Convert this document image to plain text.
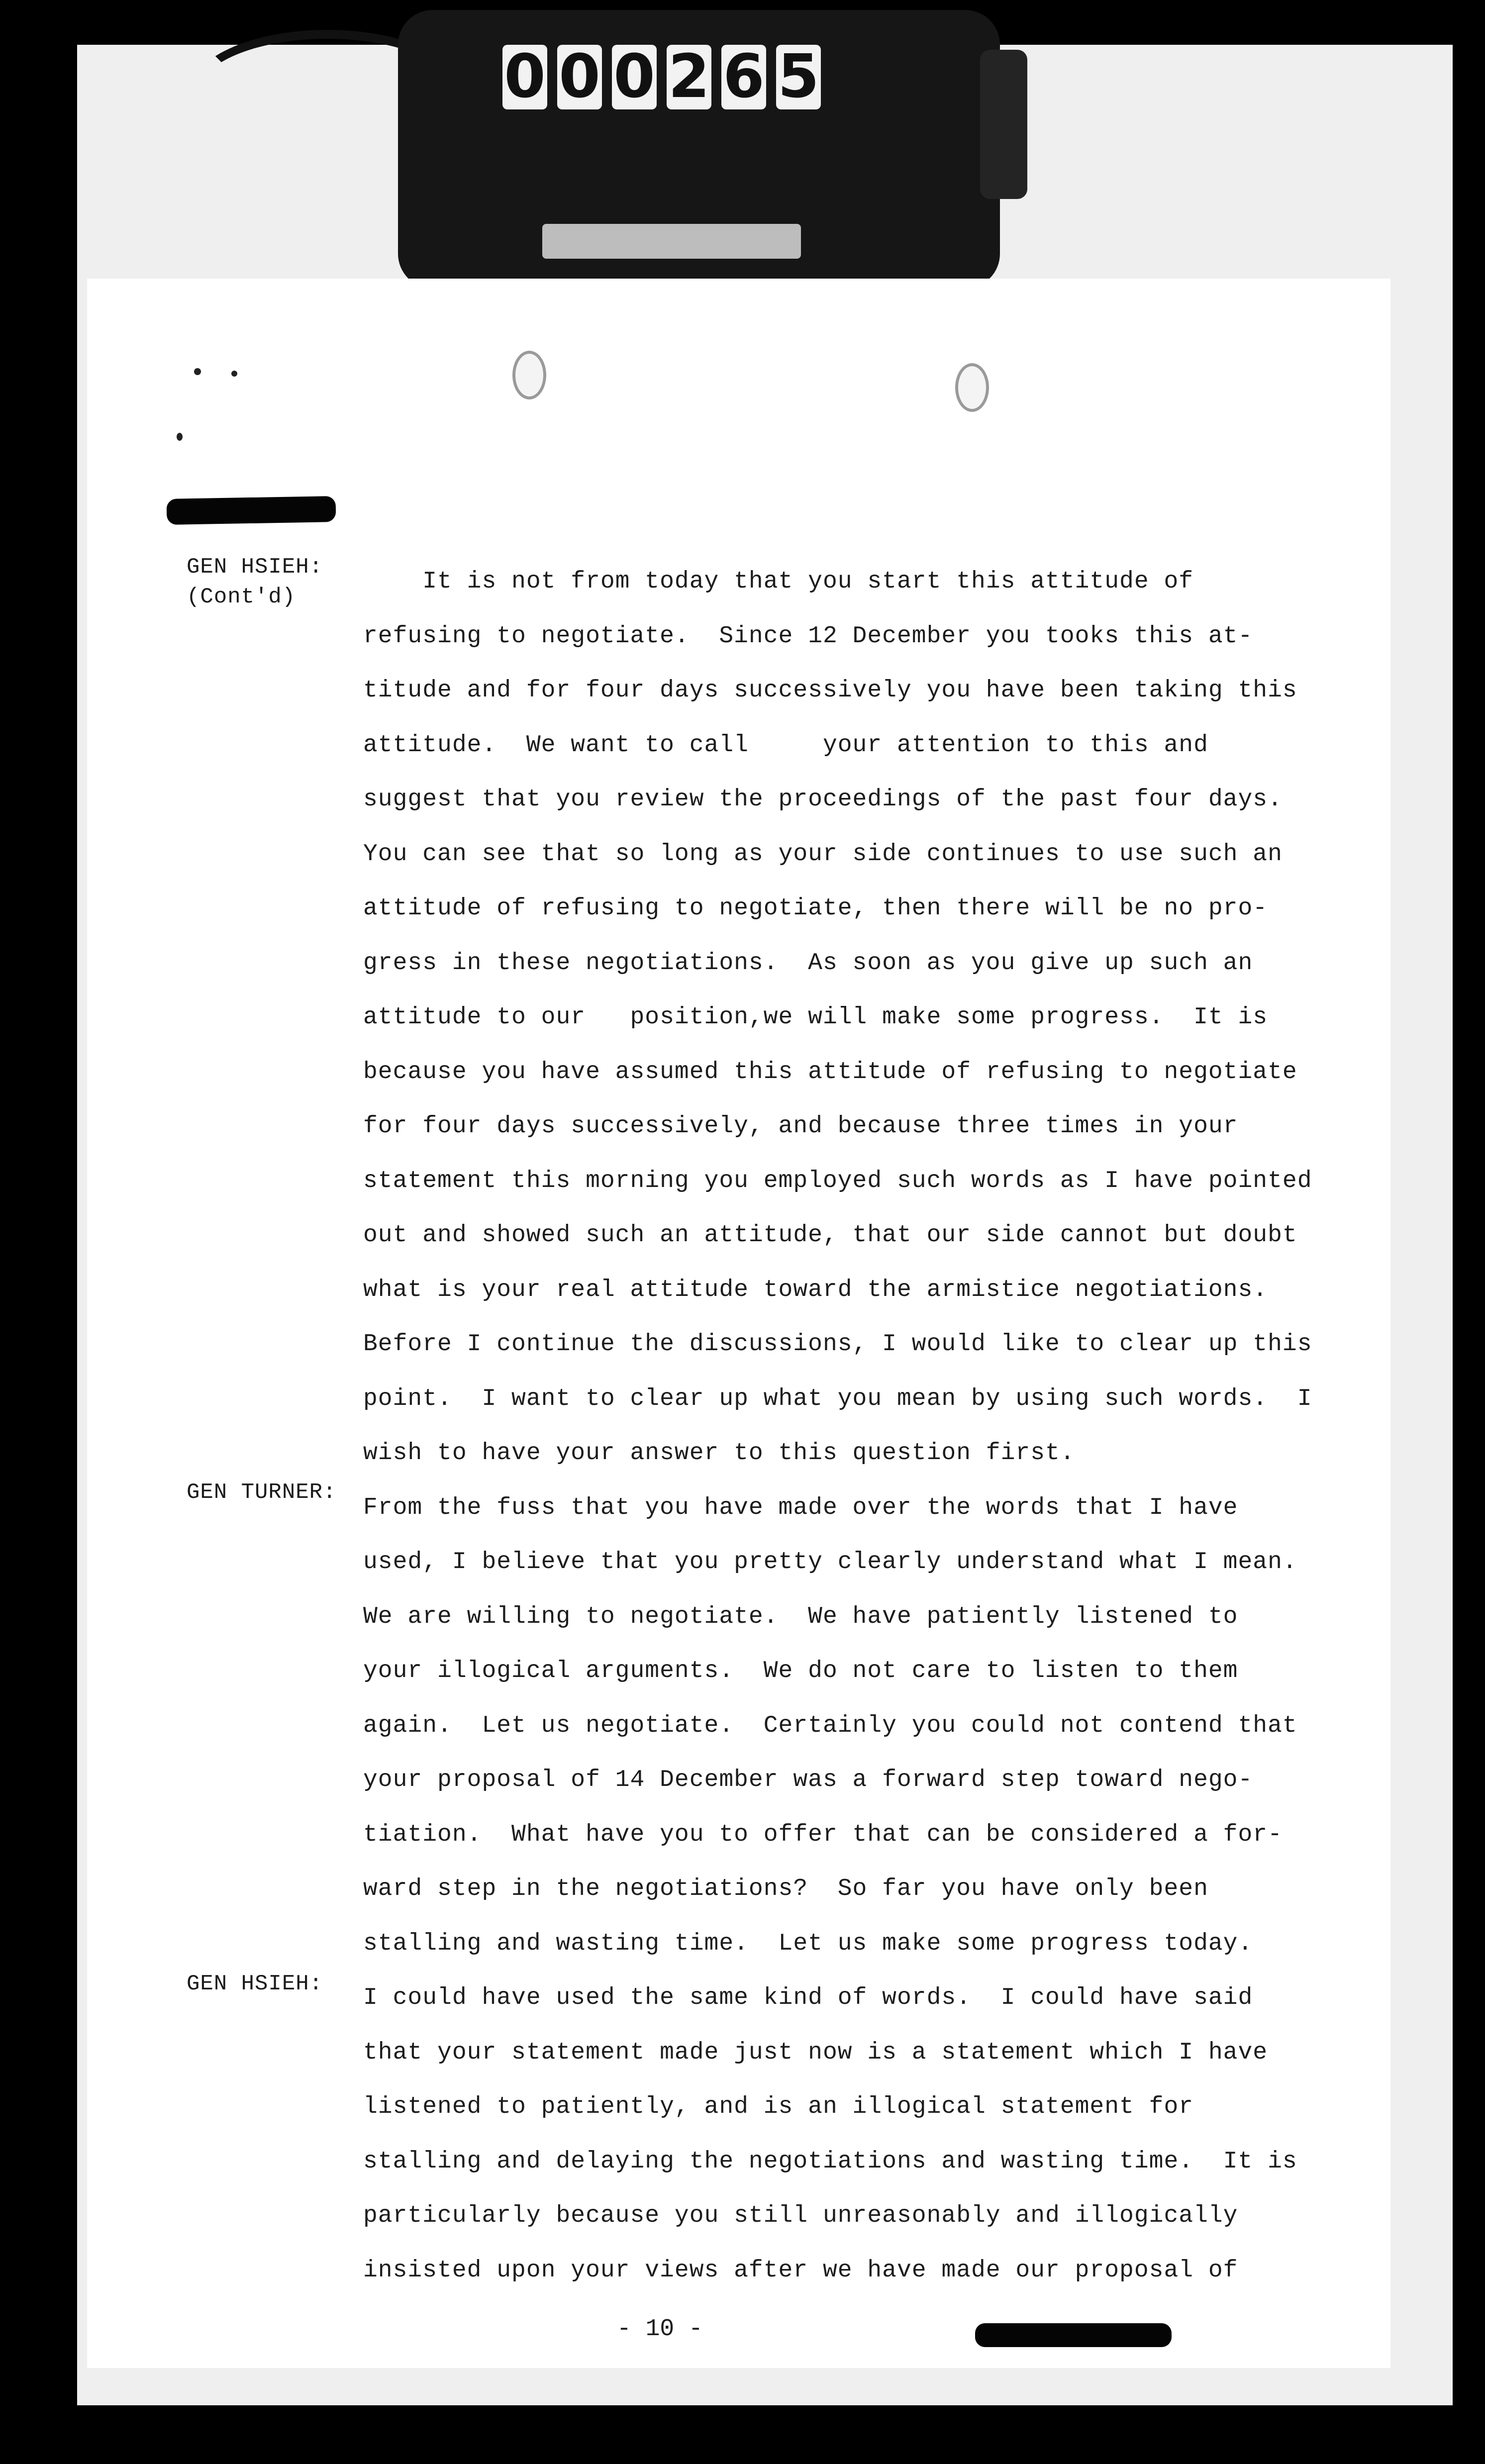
0 0 0 2 6 5
GEN HSIEH:
(Cont'd)
GEN TURNER:
GEN HSIEH:
It is not from today that you start this attitude of
refusing to negotiate.  Since 12 December you tooks this at-
titude and for four days successively you have been taking this
attitude.  We want to call     your attention to this and
suggest that you review the proceedings of the past four days.
You can see that so long as your side continues to use such an
attitude of refusing to negotiate, then there will be no pro-
gress in these negotiations.  As soon as you give up such an
attitude to our   position,we will make some progress.  It is
because you have assumed this attitude of refusing to negotiate
for four days successively, and because three times in your
statement this morning you employed such words as I have pointed
out and showed such an attitude, that our side cannot but doubt
what is your real attitude toward the armistice negotiations.
Before I continue the discussions, I would like to clear up this
point.  I want to clear up what you mean by using such words.  I
wish to have your answer to this question first.
From the fuss that you have made over the words that I have
used, I believe that you pretty clearly understand what I mean.
We are willing to negotiate.  We have patiently listened to
your illogical arguments.  We do not care to listen to them
again.  Let us negotiate.  Certainly you could not contend that
your proposal of 14 December was a forward step toward nego-
tiation.  What have you to offer that can be considered a for-
ward step in the negotiations?  So far you have only been
stalling and wasting time.  Let us make some progress today.
I could have used the same kind of words.  I could have said
that your statement made just now is a statement which I have
listened to patiently, and is an illogical statement for
stalling and delaying the negotiations and wasting time.  It is
particularly because you still unreasonably and illogically
insisted upon your views after we have made our proposal of
- 10 -
